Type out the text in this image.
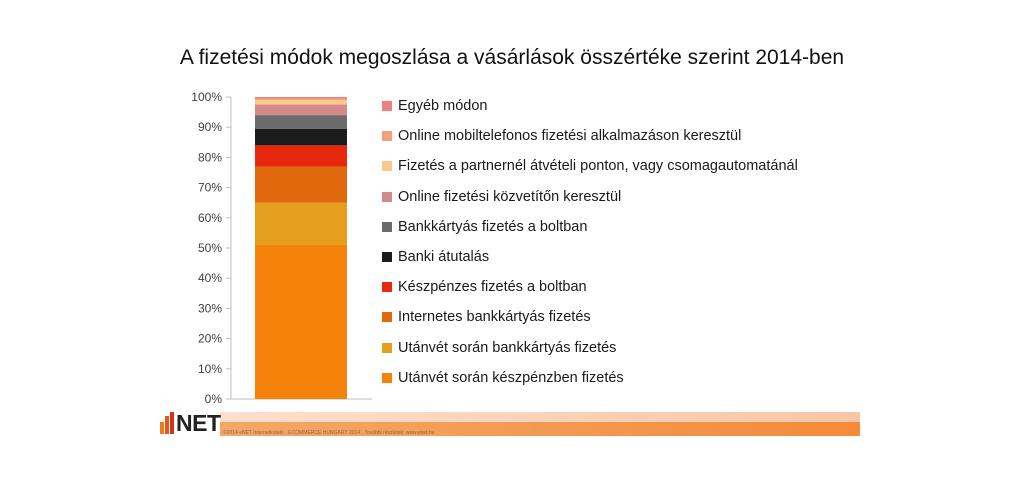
A fizetési módok megoszlása a vásárlások összértéke szerint 2014-ben
0%
10%
20%
30%
40%
50%
60%
70%
80%
90%
100%
Egyéb módon
Online mobiltelefonos fizetési alkalmazáson keresztül
Fizetés a partnernél átvételi ponton, vagy csomagautomatánál
Online fizetési közvetítőn keresztül
Bankkártyás fizetés a boltban
Banki átutalás
Készpénzes fizetés a boltban
Internetes bankkártyás fizetés
Utánvét során bankkártyás fizetés
Utánvét során készpénzben fizetés
NET ©2014 eNET Internetkutató · ECOMMERCE HUNGARY 2014 · További részletek: www.enet.hu
